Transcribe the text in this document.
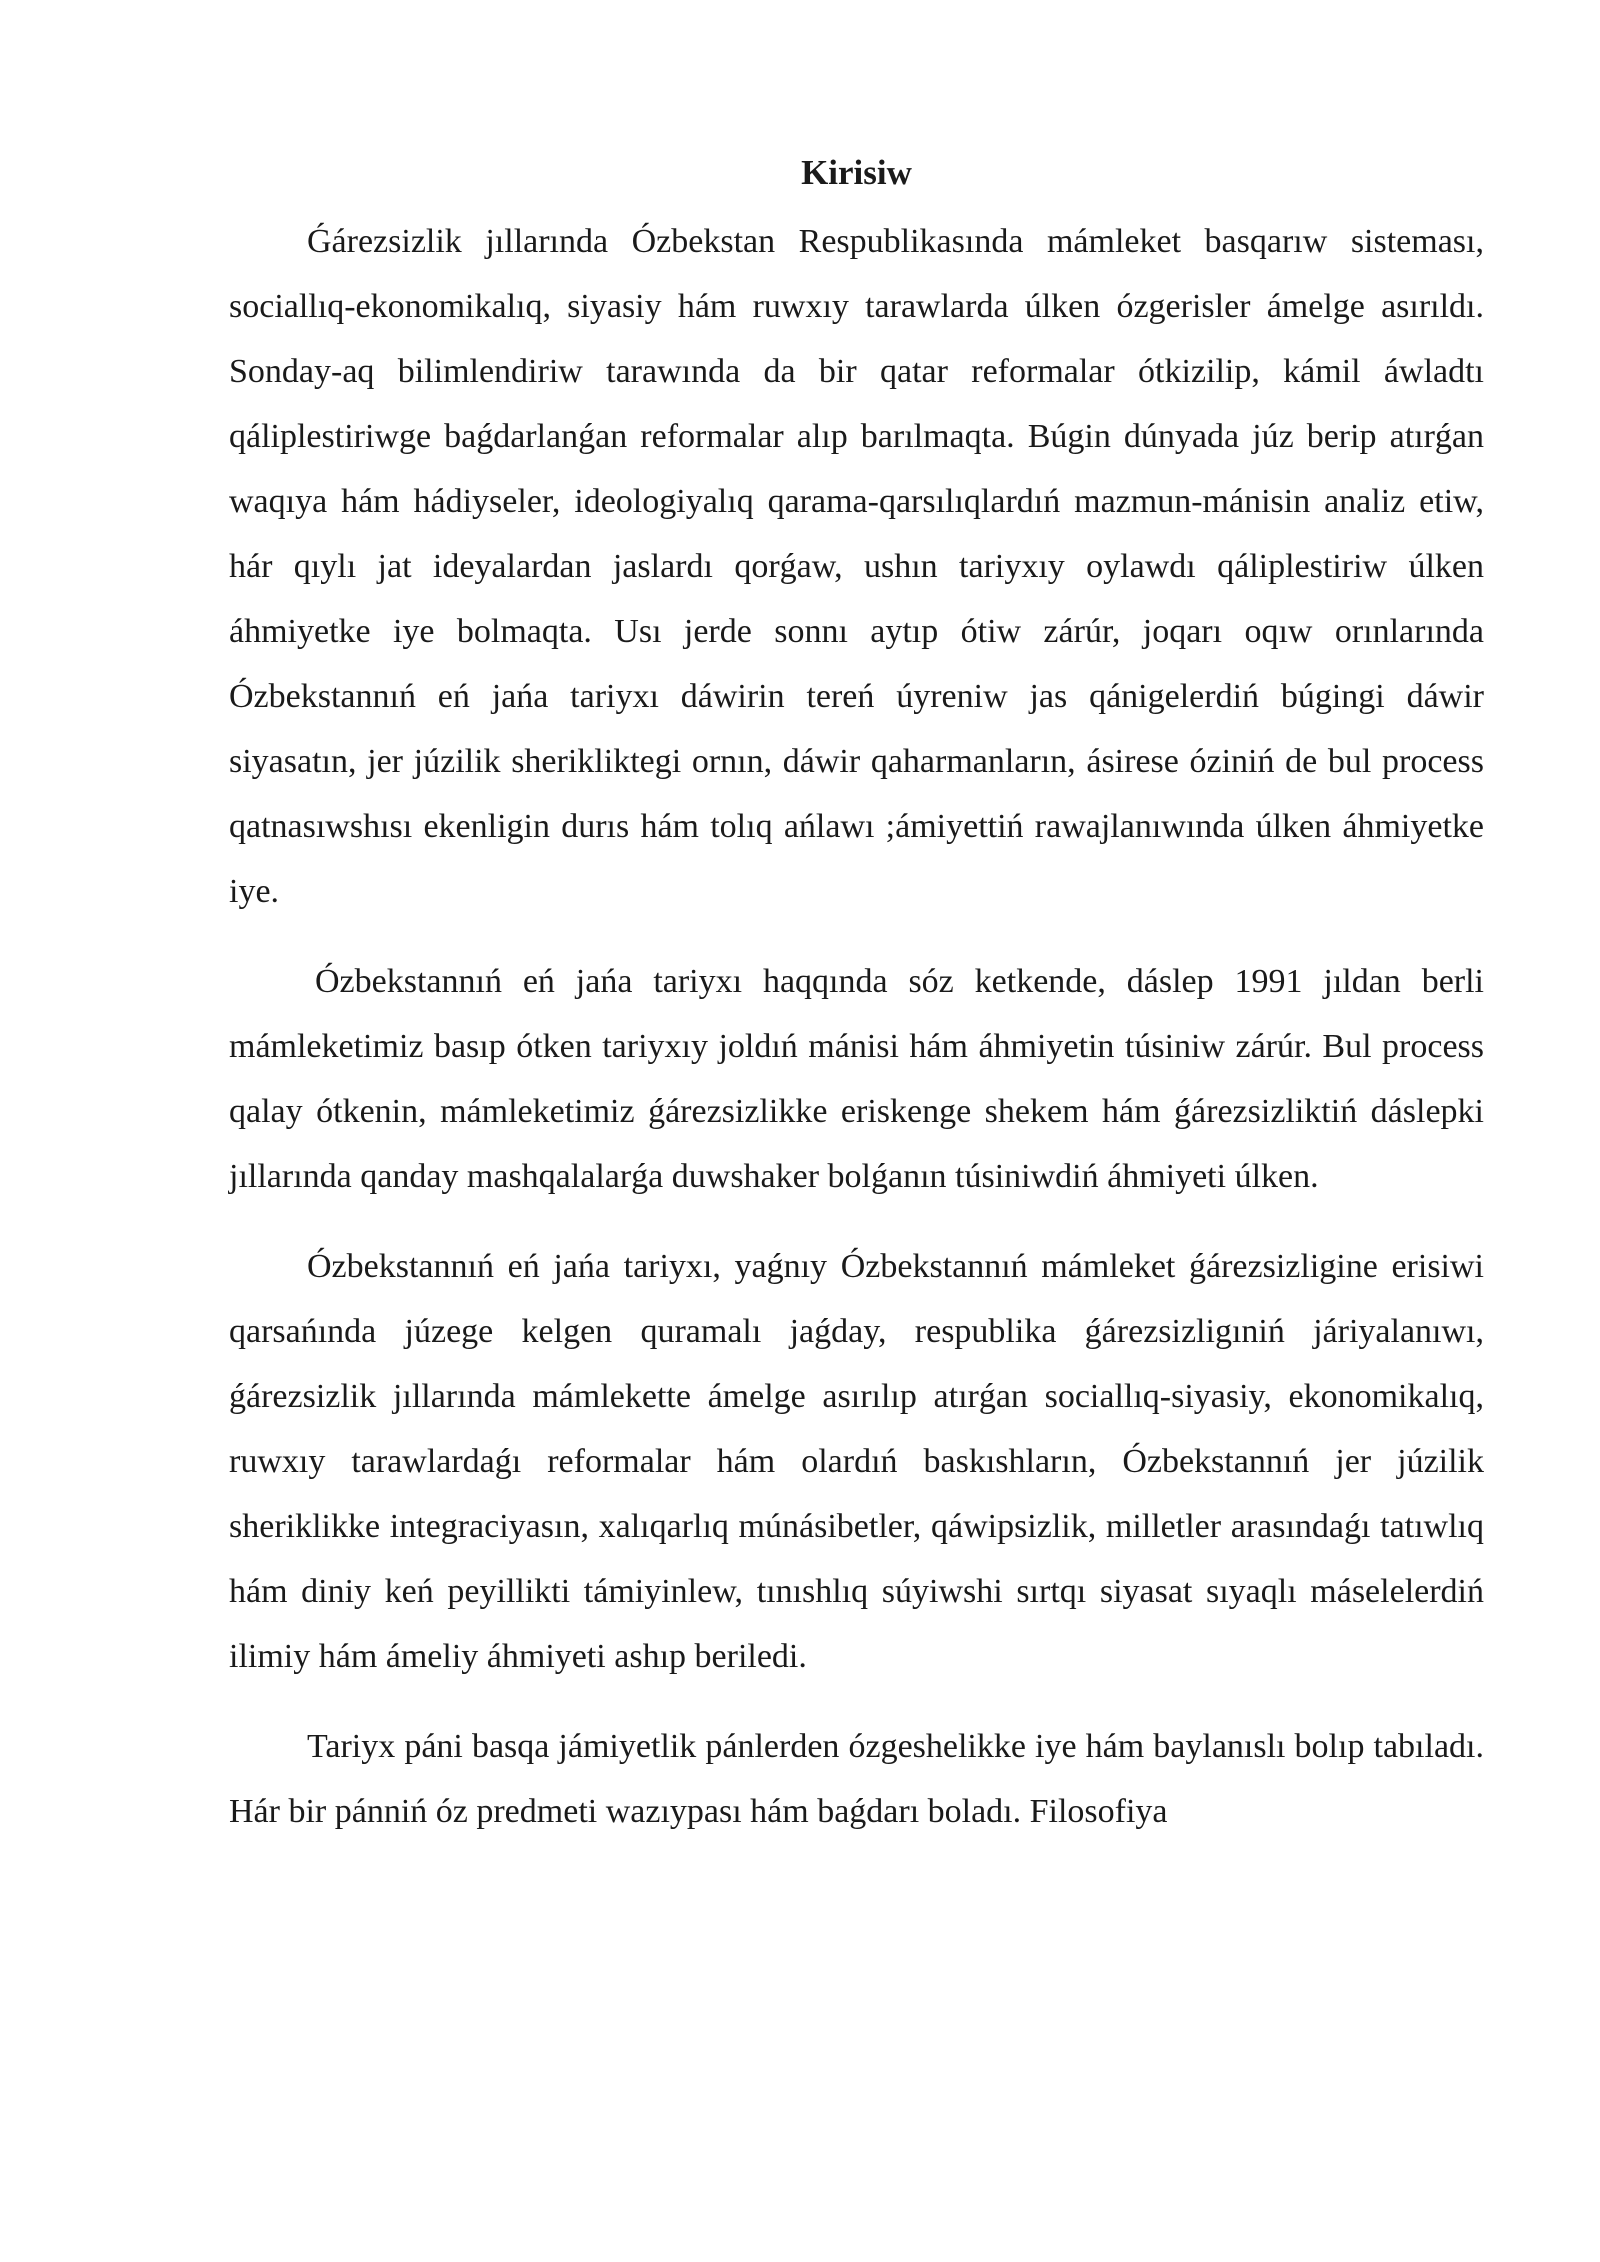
Kirisiw

Ǵárezsizlik jıllarında Ózbekstan Respublikasında mámleket basqarıw sisteması, sociallıq-ekonomikalıq, siyasiy hám ruwxıy tarawlarda úlken ózgerisler ámelge asırıldı. Sonday-aq bilimlendiriw tarawında da bir qatar reformalar ótkizilip, kámil áwladtı qáliplestiriwge baǵdarlanǵan reformalar alıp barılmaqta. Búgin dúnyada júz berip atırǵan waqıya hám hádiyseler, ideologiyalıq qarama-qarsılıqlardıń mazmun-mánisin analiz etiw, hár qıylı jat ideyalardan jaslardı qorǵaw, ushın tariyxıy oylawdı qáliplestiriw úlken áhmiyetke iye bolmaqta. Usı jerde sonnı aytıp ótiw zárúr, joqarı oqıw orınlarında Ózbekstannıń eń jańa tariyxı dáwirin tereń úyreniw jas qánigelerdiń búgingi dáwir siyasatın, jer júzilik sherikliktegi ornın, dáwir qaharmanların, ásirese óziniń de bul process qatnasıwshısı ekenligin durıs hám tolıq ańlawı ;ámiyettiń rawajlanıwında úlken áhmiyetke iye.

Ózbekstannıń eń jańa tariyxı haqqında sóz ketkende, dáslep 1991 jıldan berli mámleketimiz basıp ótken tariyxıy joldıń mánisi hám áhmiyetin túsiniw zárúr. Bul process qalay ótkenin, mámleketimiz ǵárezsizlikke eriskenge shekem hám ǵárezsizliktiń dáslepki jıllarında qanday mashqalalarǵa duwshaker bolǵanın túsiniwdiń áhmiyeti úlken.

Ózbekstannıń eń jańa tariyxı, yaǵnıy Ózbekstannıń mámleket ǵárezsizligine erisiwi qarsańında júzege kelgen quramalı jaǵday, respublika ǵárezsizligıniń járiyalanıwı, ǵárezsizlik jıllarında mámlekette ámelge asırılıp atırǵan sociallıq-siyasiy, ekonomikalıq, ruwxıy tarawlardaǵı reformalar hám olardıń baskıshların, Ózbekstannıń jer júzilik sheriklikke integraciyasın, xalıqarlıq múnásibetler, qáwipsizlik, milletler arasındaǵı tatıwlıq hám diniy keń peyillikti támiyinlew, tınıshlıq súyiwshi sırtqı siyasat sıyaqlı máselelerdiń ilimiy hám ámeliy áhmiyeti ashıp beriledi.

Tariyx páni basqa jámiyetlik pánlerden ózgeshelikke iye hám baylanıslı bolıp tabıladı. Hár bir pánniń óz predmeti wazıypası hám baǵdarı boladı. Filosofiya
